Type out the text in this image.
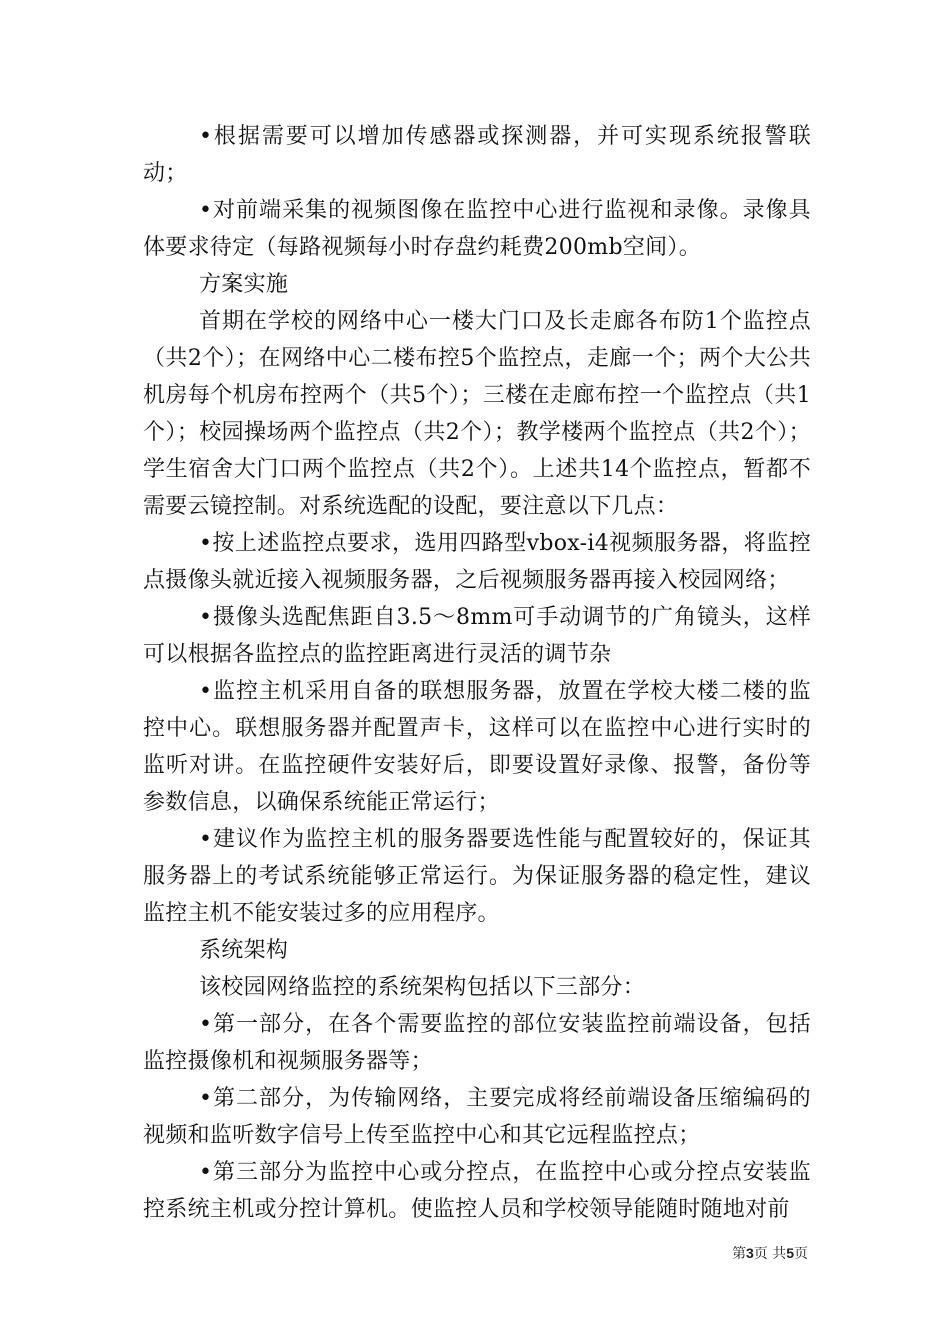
•根据需要可以增加传感器或探测器，并可实现系统报警联动；

•对前端采集的视频图像在监控中心进行监视和录像。录像具体要求待定（每路视频每小时存盘约耗费200mb空间）。

方案实施

首期在学校的网络中心一楼大门口及长走廊各布防1个监控点（共2个）；在网络中心二楼布控5个监控点，走廊一个；两个大公共机房每个机房布控两个（共5个）；三楼在走廊布控一个监控点（共1个）；校园操场两个监控点（共2个）；教学楼两个监控点（共2个）；学生宿舍大门口两个监控点（共2个）。上述共14个监控点，暂都不需要云镜控制。对系统选配的设配，要注意以下几点：

•按上述监控点要求，选用四路型vbox-i4视频服务器，将监控点摄像头就近接入视频服务器，之后视频服务器再接入校园网络；

•摄像头选配焦距自3.5～8mm可手动调节的广角镜头，这样可以根据各监控点的监控距离进行灵活的调节杂

•监控主机采用自备的联想服务器，放置在学校大楼二楼的监控中心。联想服务器并配置声卡，这样可以在监控中心进行实时的监听对讲。在监控硬件安装好后，即要设置好录像、报警，备份等参数信息，以确保系统能正常运行；

•建议作为监控主机的服务器要选性能与配置较好的，保证其服务器上的考试系统能够正常运行。为保证服务器的稳定性，建议监控主机不能安装过多的应用程序。

系统架构

该校园网络监控的系统架构包括以下三部分：

•第一部分，在各个需要监控的部位安装监控前端设备，包括监控摄像机和视频服务器等；

•第二部分，为传输网络，主要完成将经前端设备压缩编码的视频和监听数字信号上传至监控中心和其它远程监控点；

•第三部分为监控中心或分控点，在监控中心或分控点安装监控系统主机或分控计算机。使监控人员和学校领导能随时随地对前

第3页 共5页
